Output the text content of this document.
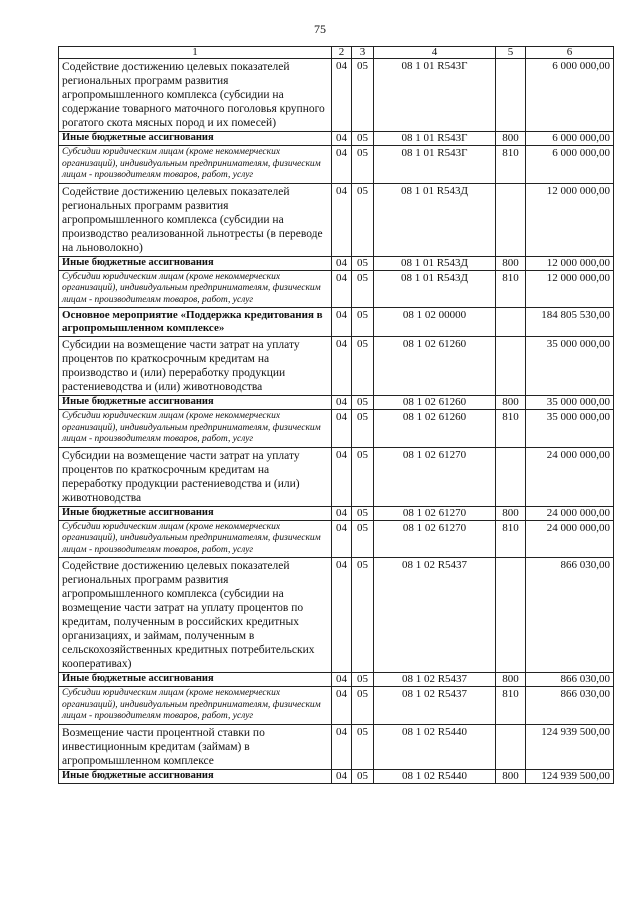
75
1	2	3	4	5	6
Содействие достижению целевых показателей региональных программ развития агропромышленного комплекса (субсидии на содержание товарного маточного поголовья крупного рогатого скота мясных пород и их помесей)	04	05	08 1 01 R543Г		6 000 000,00
Иные бюджетные ассигнования	04	05	08 1 01 R543Г	800	6 000 000,00
Субсидии юридическим лицам (кроме некоммерческих организаций), индивидуальным предпринимателям, физическим лицам - производителям товаров, работ, услуг	04	05	08 1 01 R543Г	810	6 000 000,00
Содействие достижению целевых показателей региональных программ развития агропромышленного комплекса (субсидии на производство реализованной льнотресты (в переводе на льноволокно)	04	05	08 1 01 R543Д		12 000 000,00
Иные бюджетные ассигнования	04	05	08 1 01 R543Д	800	12 000 000,00
Субсидии юридическим лицам (кроме некоммерческих организаций), индивидуальным предпринимателям, физическим лицам - производителям товаров, работ, услуг	04	05	08 1 01 R543Д	810	12 000 000,00
Основное мероприятие «Поддержка кредитования в агропромышленном комплексе»	04	05	08 1 02 00000		184 805 530,00
Субсидии на возмещение части затрат на уплату процентов по краткосрочным кредитам на производство и (или) переработку продукции растениеводства и (или) животноводства	04	05	08 1 02 61260		35 000 000,00
Иные бюджетные ассигнования	04	05	08 1 02 61260	800	35 000 000,00
Субсидии юридическим лицам (кроме некоммерческих организаций), индивидуальным предпринимателям, физическим лицам - производителям товаров, работ, услуг	04	05	08 1 02 61260	810	35 000 000,00
Субсидии на возмещение части затрат на уплату процентов по краткосрочным кредитам на переработку продукции растениеводства и (или) животноводства	04	05	08 1 02 61270		24 000 000,00
Иные бюджетные ассигнования	04	05	08 1 02 61270	800	24 000 000,00
Субсидии юридическим лицам (кроме некоммерческих организаций), индивидуальным предпринимателям, физическим лицам - производителям товаров, работ, услуг	04	05	08 1 02 61270	810	24 000 000,00
Содействие достижению целевых показателей региональных программ развития агропромышленного комплекса (субсидии на возмещение части затрат на уплату процентов по кредитам, полученным в российских кредитных организациях, и займам, полученным в сельскохозяйственных кредитных потребительских кооперативах)	04	05	08 1 02 R5437		866 030,00
Иные бюджетные ассигнования	04	05	08 1 02 R5437	800	866 030,00
Субсидии юридическим лицам (кроме некоммерческих организаций), индивидуальным предпринимателям, физическим лицам - производителям товаров, работ, услуг	04	05	08 1 02 R5437	810	866 030,00
Возмещение части процентной ставки по инвестиционным кредитам (займам) в агропромышленном комплексе	04	05	08 1 02 R5440		124 939 500,00
Иные бюджетные ассигнования	04	05	08 1 02 R5440	800	124 939 500,00
